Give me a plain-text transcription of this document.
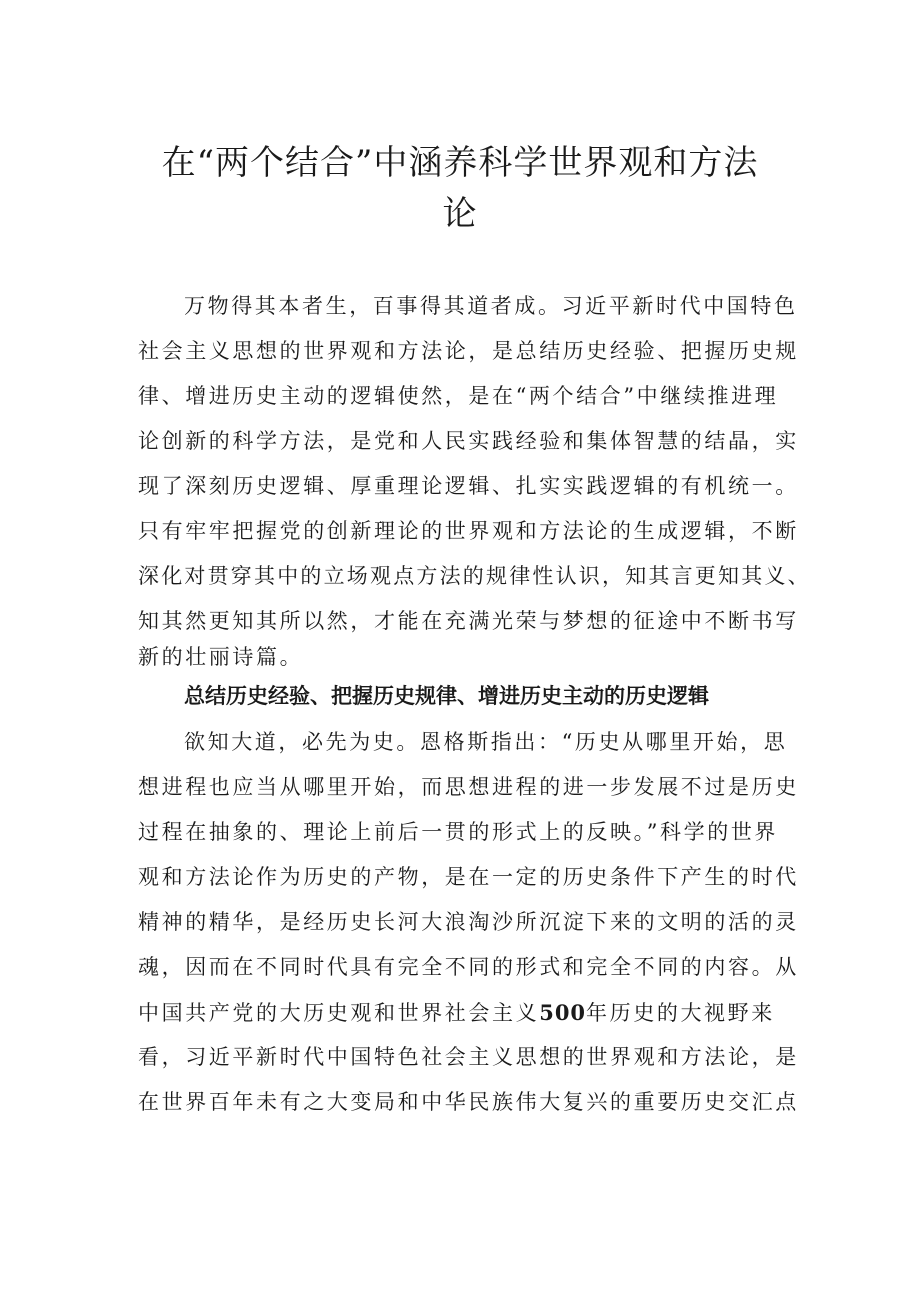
在“两个结合”中涵养科学世界观和方法
论

万物得其本者生，百事得其道者成。习近平新时代中国特色

社会主义思想的世界观和方法论，是总结历史经验、把握历史规

律、增进历史主动的逻辑使然，是在“两个结合”中继续推进理

论创新的科学方法，是党和人民实践经验和集体智慧的结晶，实

现了深刻历史逻辑、厚重理论逻辑、扎实实践逻辑的有机统一。

只有牢牢把握党的创新理论的世界观和方法论的生成逻辑，不断

深化对贯穿其中的立场观点方法的规律性认识，知其言更知其义、

知其然更知其所以然，才能在充满光荣与梦想的征途中不断书写

新的壮丽诗篇。

总结历史经验、把握历史规律、增进历史主动的历史逻辑

欲知大道，必先为史。恩格斯指出：“历史从哪里开始，思

想进程也应当从哪里开始，而思想进程的进一步发展不过是历史

过程在抽象的、理论上前后一贯的形式上的反映。”科学的世界

观和方法论作为历史的产物，是在一定的历史条件下产生的时代

精神的精华，是经历史长河大浪淘沙所沉淀下来的文明的活的灵

魂，因而在不同时代具有完全不同的形式和完全不同的内容。从

中国共产党的大历史观和世界社会主义500年历史的大视野来

看，习近平新时代中国特色社会主义思想的世界观和方法论，是

在世界百年未有之大变局和中华民族伟大复兴的重要历史交汇点
